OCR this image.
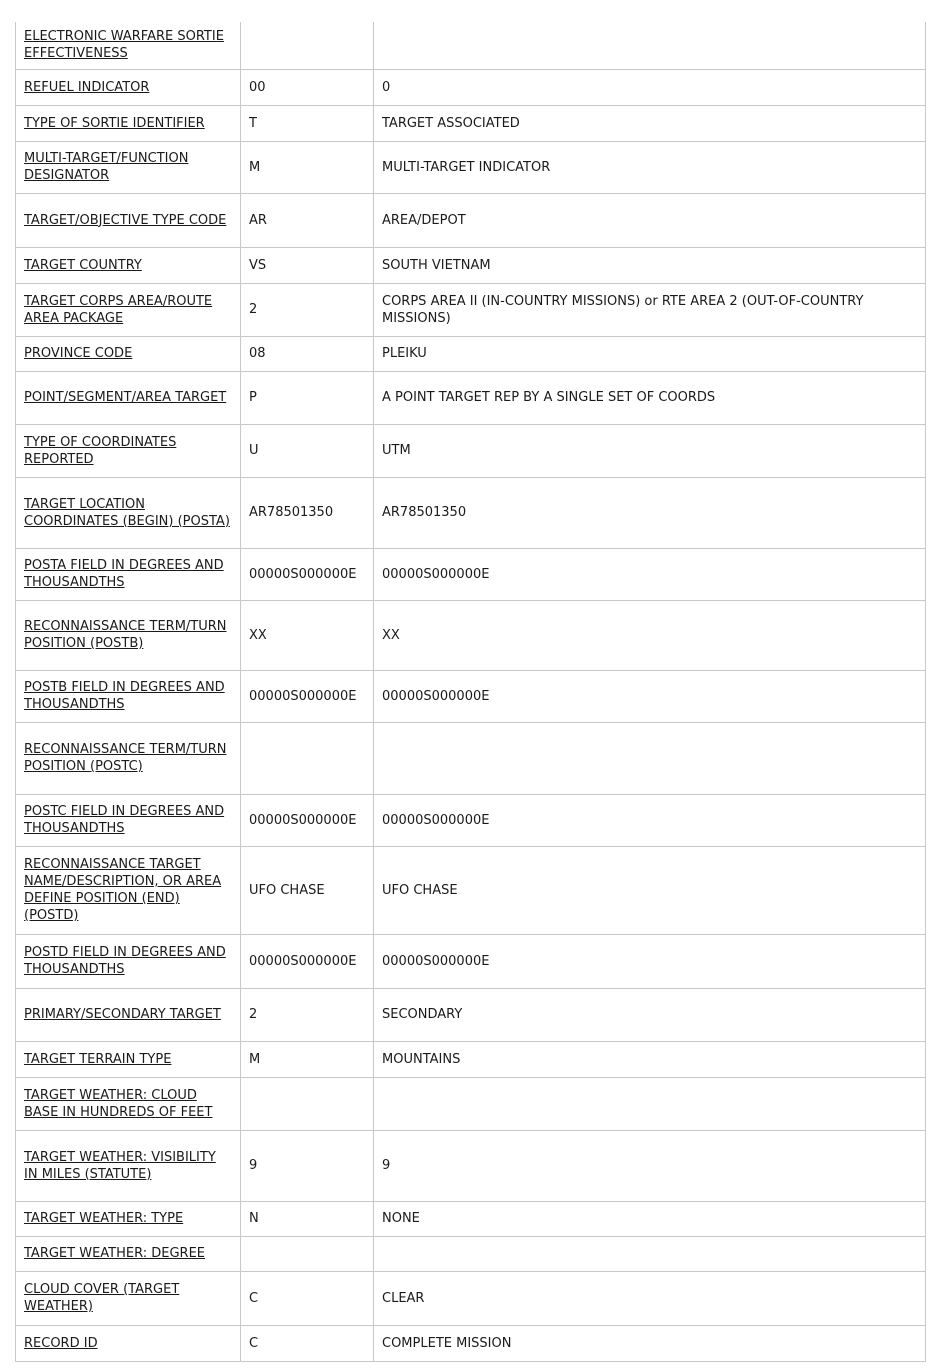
ELECTRONIC WARFARE SORTIE EFFECTIVENESS		
REFUEL INDICATOR	00	0
TYPE OF SORTIE IDENTIFIER	T	TARGET ASSOCIATED
MULTI-TARGET/FUNCTION DESIGNATOR	M	MULTI-TARGET INDICATOR
TARGET/OBJECTIVE TYPE CODE	AR	AREA/DEPOT
TARGET COUNTRY	VS	SOUTH VIETNAM
TARGET CORPS AREA/ROUTE AREA PACKAGE	2	CORPS AREA II (IN-COUNTRY MISSIONS) or RTE AREA 2 (OUT-OF-COUNTRY MISSIONS)
PROVINCE CODE	08	PLEIKU
POINT/SEGMENT/AREA TARGET	P	A POINT TARGET REP BY A SINGLE SET OF COORDS
TYPE OF COORDINATES REPORTED	U	UTM
TARGET LOCATION COORDINATES (BEGIN) (POSTA)	AR78501350	AR78501350
POSTA FIELD IN DEGREES AND THOUSANDTHS	00000S000000E	00000S000000E
RECONNAISSANCE TERM/TURN POSITION (POSTB)	XX	XX
POSTB FIELD IN DEGREES AND THOUSANDTHS	00000S000000E	00000S000000E
RECONNAISSANCE TERM/TURN POSITION (POSTC)		
POSTC FIELD IN DEGREES AND THOUSANDTHS	00000S000000E	00000S000000E
RECONNAISSANCE TARGET NAME/DESCRIPTION, OR AREA DEFINE POSITION (END) (POSTD)	UFO CHASE	UFO CHASE
POSTD FIELD IN DEGREES AND THOUSANDTHS	00000S000000E	00000S000000E
PRIMARY/SECONDARY TARGET	2	SECONDARY
TARGET TERRAIN TYPE	M	MOUNTAINS
TARGET WEATHER: CLOUD BASE IN HUNDREDS OF FEET		
TARGET WEATHER: VISIBILITY IN MILES (STATUTE)	9	9
TARGET WEATHER: TYPE	N	NONE
TARGET WEATHER: DEGREE		
CLOUD COVER (TARGET WEATHER)	C	CLEAR
RECORD ID	C	COMPLETE MISSION
